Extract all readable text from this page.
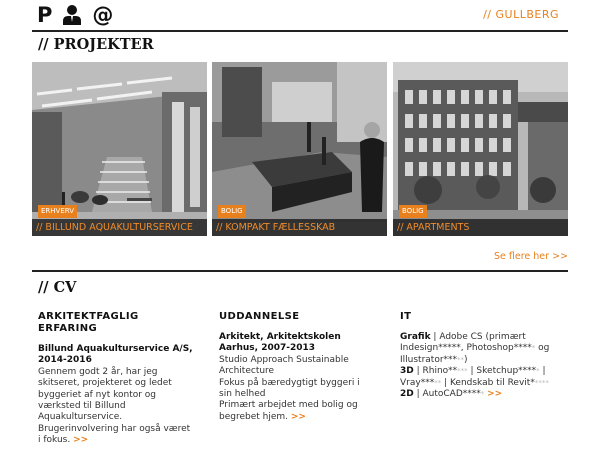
P @	// GULLBERG
// PROJEKTER
ERHVERV
// BILLUND AQUAKULTURSERVICE
BOLIG
// KOMPAKT FÆLLESSKAB
BOLIG
// APARTMENTS
Se flere her >>
// CV
ARKITEKTFAGLIG
ERFARING
Billund Aquakulturservice A/S,
2014-2016
Gennem godt 2 år, har jeg
skitseret, projekteret og ledet
byggeriet af nyt kontor og
værksted til Billund
Aquakulturservice.
Brugerinvolvering har også været
i fokus. >>
UDDANNELSE
Arkitekt, Arkitektskolen
Aarhus, 2007-2013
Studio Approach Sustainable
Architecture
Fokus på bæredygtigt byggeri i
sin helhed
Primært arbejdet med bolig og
begrebet hjem. >>
IT
Grafik | Adobe CS (primært
Indesign*****, Photoshop***** og
Illustrator*****)
3D | Rhino***** | Sketchup***** |
Vray***** | Kendskab til Revit*****
2D | AutoCAD***** >>
